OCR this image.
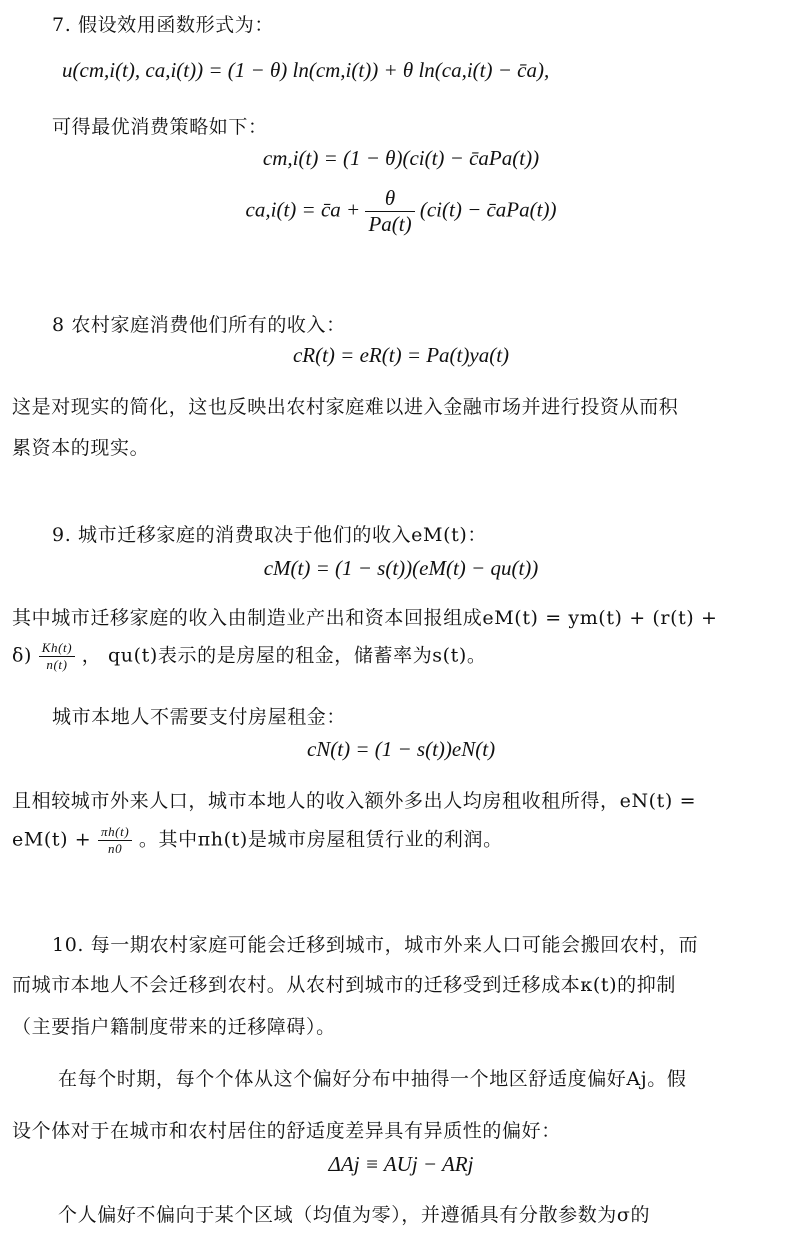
7. 假设效用函数形式为：
u(cm,i(t), ca,i(t)) = (1 − θ) ln(cm,i(t)) + θ ln(ca,i(t) − c̄a),
可得最优消费策略如下：
cm,i(t) = (1 − θ)(ci(t) − c̄aPa(t))
ca,i(t) = c̄a + $\frac{\theta}{Pa(t)} (ci(t)$ − c̄aPa(t))
8 农村家庭消费他们所有的收入：
cR(t) = eR(t) = Pa(t)ya(t)
这是对现实的简化，这也反映出农村家庭难以进入金融市场并进行投资从而积
累资本的现实。
9. 城市迁移家庭的消费取决于他们的收入eM(t)：
cM(t) = (1 − s(t))(eM(t) − qu(t))
其中城市迁移家庭的收入由制造业产出和资本回报组成eM(t) = ym(t) + (r(t) +
$\delta) \frac{Kh(t)}{n(t)}$ ， qu(t)表示的是房屋的租金，储蓄率为s(t)。
城市本地人不需要支付房屋租金：
cN(t) = (1 − s(t))eN(t)
且相较城市外来人口，城市本地人的收入额外多出人均房租收租所得，eN(t) =
$eM(t) + \frac{\pi h(t)}{n0}$ 。其中πh(t)是城市房屋租赁行业的利润。
10. 每一期农村家庭可能会迁移到城市，城市外来人口可能会搬回农村，而
而城市本地人不会迁移到农村。从农村到城市的迁移受到迁移成本κ(t)的抑制
（主要指户籍制度带来的迁移障碍）。
在每个时期，每个个体从这个偏好分布中抽得一个地区舒适度偏好Aj。假
设个体对于在城市和农村居住的舒适度差异具有异质性的偏好：
ΔAj ≡ AUj − ARj
个人偏好不偏向于某个区域（均值为零），并遵循具有分散参数为σ的
